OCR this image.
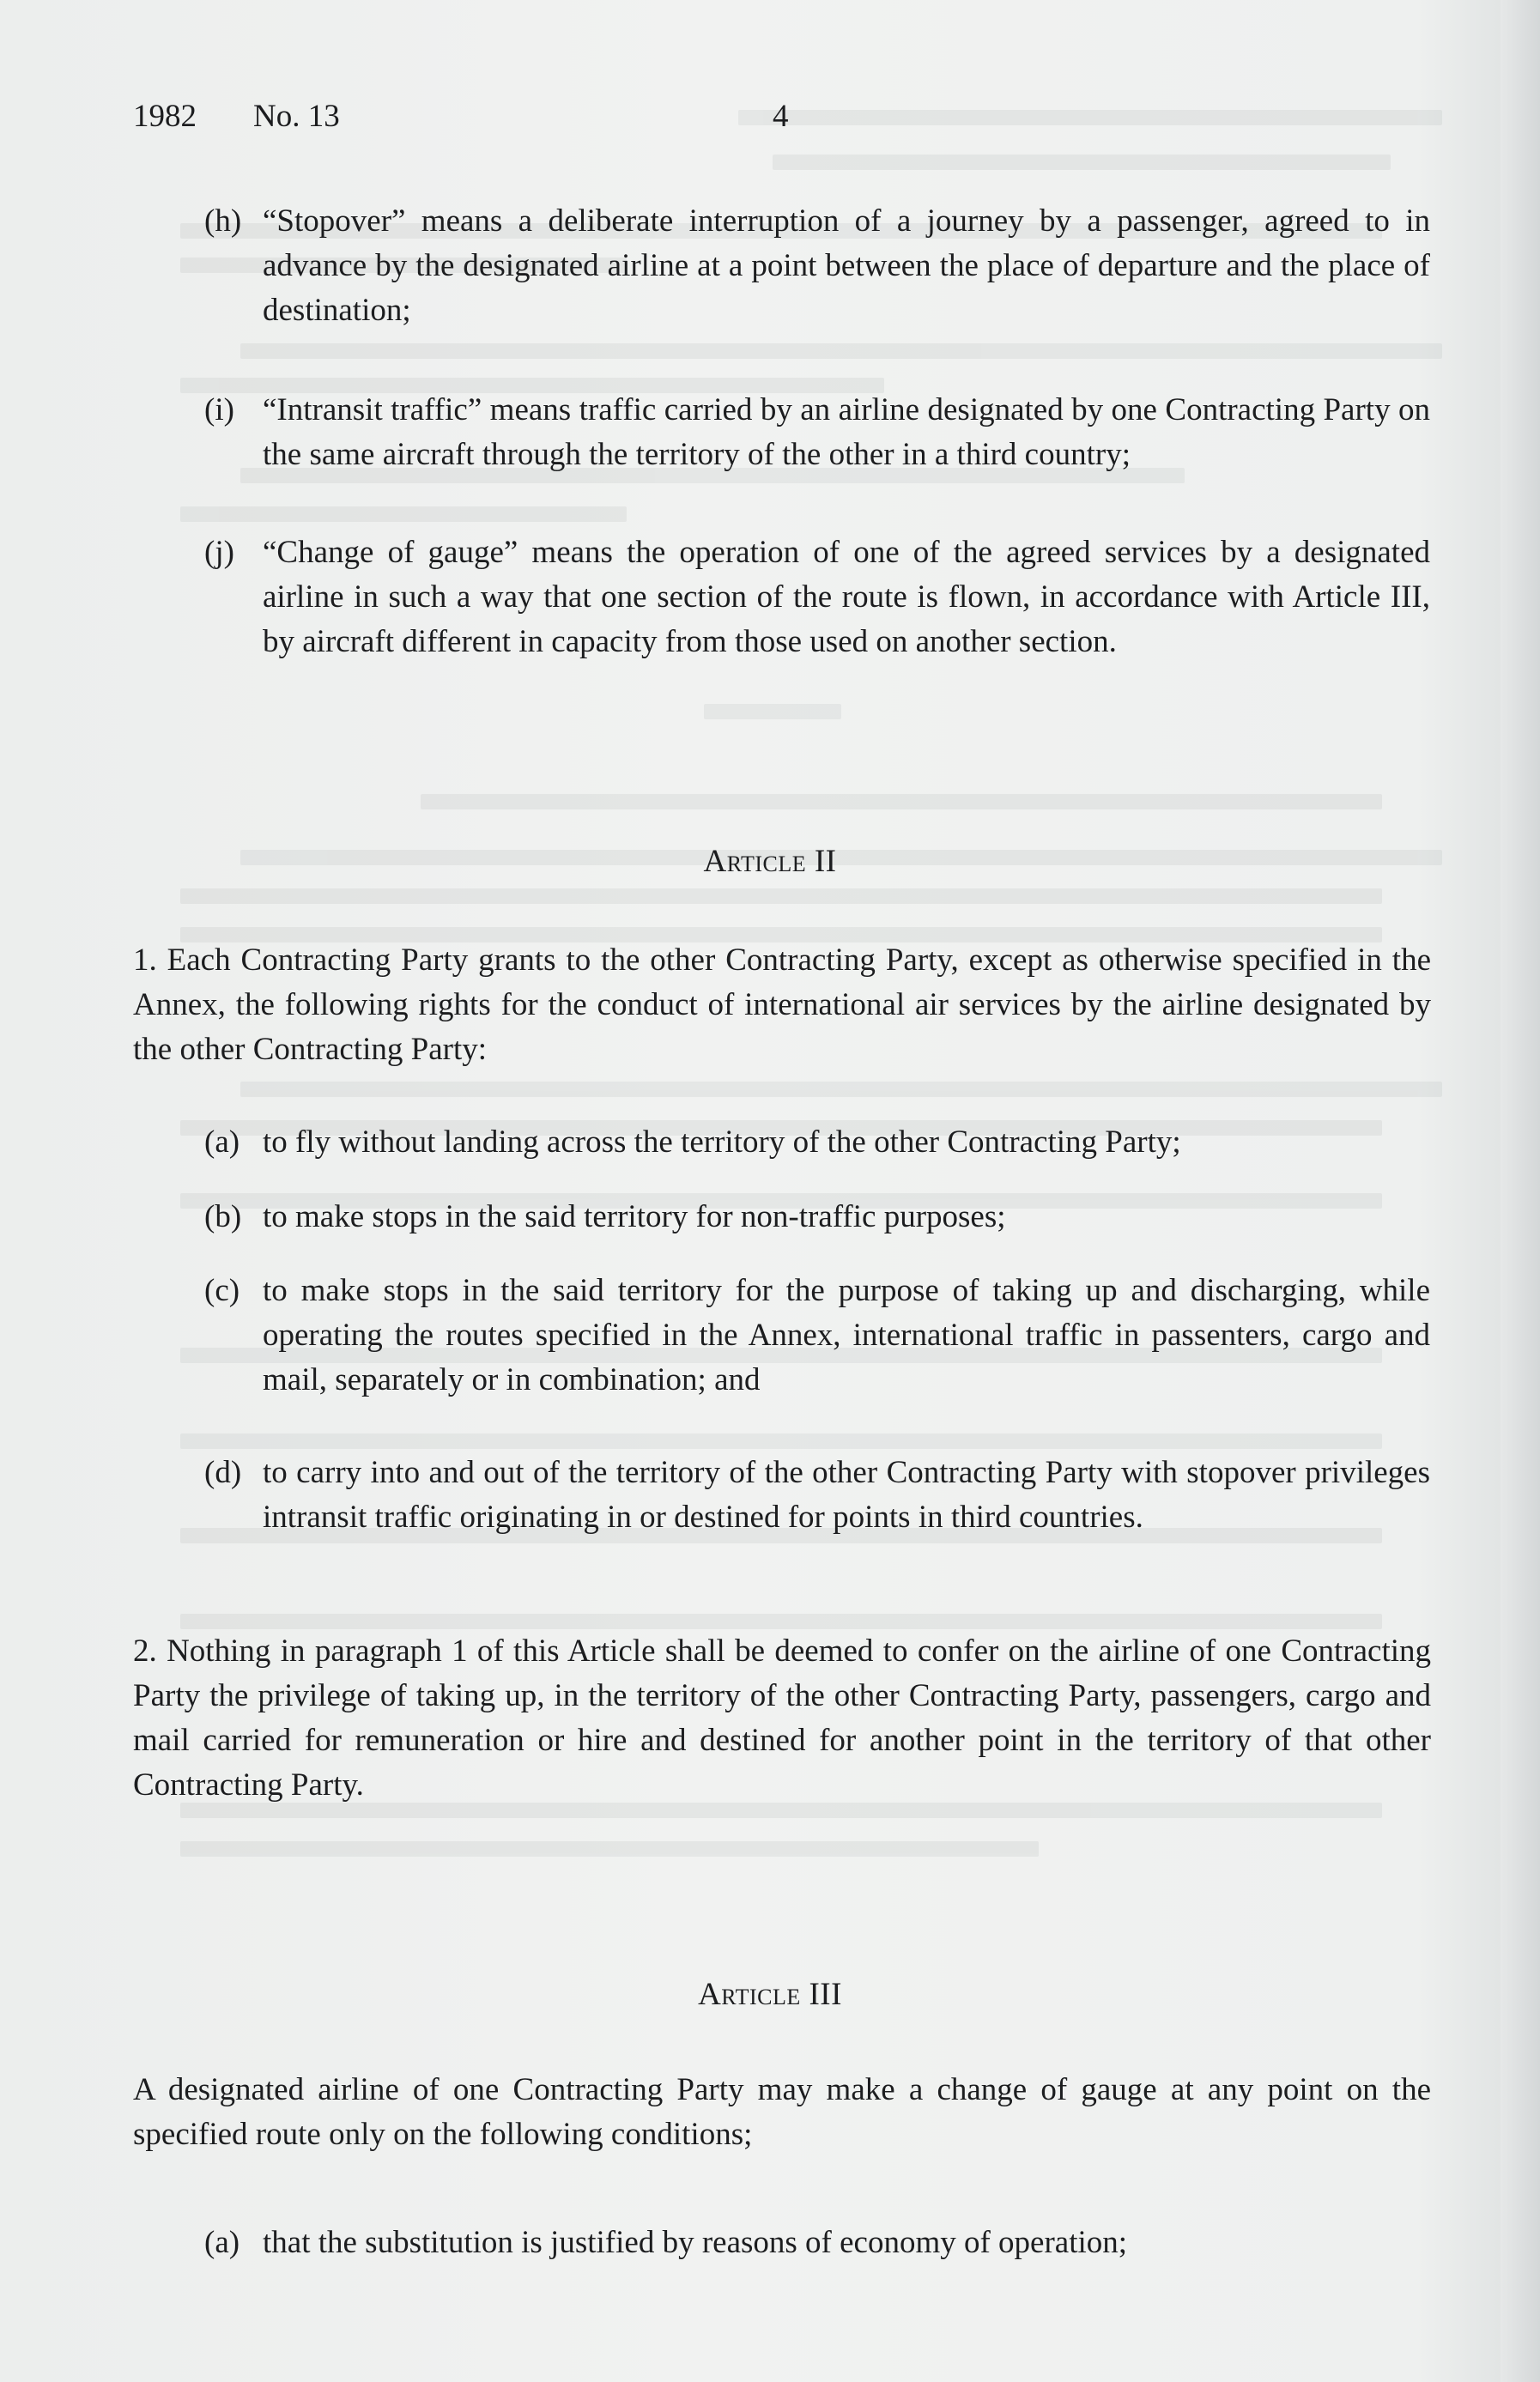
1982 No. 13	4
(h) “Stopover” means a deliberate interruption of a journey by a passenger, agreed to in advance by the designated airline at a point between the place of departure and the place of destination;
(i) “Intransit traffic” means traffic carried by an airline designated by one Contracting Party on the same aircraft through the territory of the other in a third country;
(j) “Change of gauge” means the operation of one of the agreed services by a designated airline in such a way that one section of the route is flown, in accordance with Article III, by aircraft different in capacity from those used on another section.
Article II
1. Each Contracting Party grants to the other Contracting Party, except as otherwise specified in the Annex, the following rights for the conduct of international air services by the airline designated by the other Contracting Party:
(a) to fly without landing across the territory of the other Contracting Party;
(b) to make stops in the said territory for non-traffic purposes;
(c) to make stops in the said territory for the purpose of taking up and discharging, while operating the routes specified in the Annex, international traffic in passenters, cargo and mail, separately or in combination; and
(d) to carry into and out of the territory of the other Contracting Party with stopover privileges intransit traffic originating in or destined for points in third countries.
2. Nothing in paragraph 1 of this Article shall be deemed to confer on the airline of one Contracting Party the privilege of taking up, in the territory of the other Contracting Party, passengers, cargo and mail carried for remuneration or hire and destined for another point in the territory of that other Contracting Party.
Article III
A designated airline of one Contracting Party may make a change of gauge at any point on the specified route only on the following conditions;
(a) that the substitution is justified by reasons of economy of operation;
